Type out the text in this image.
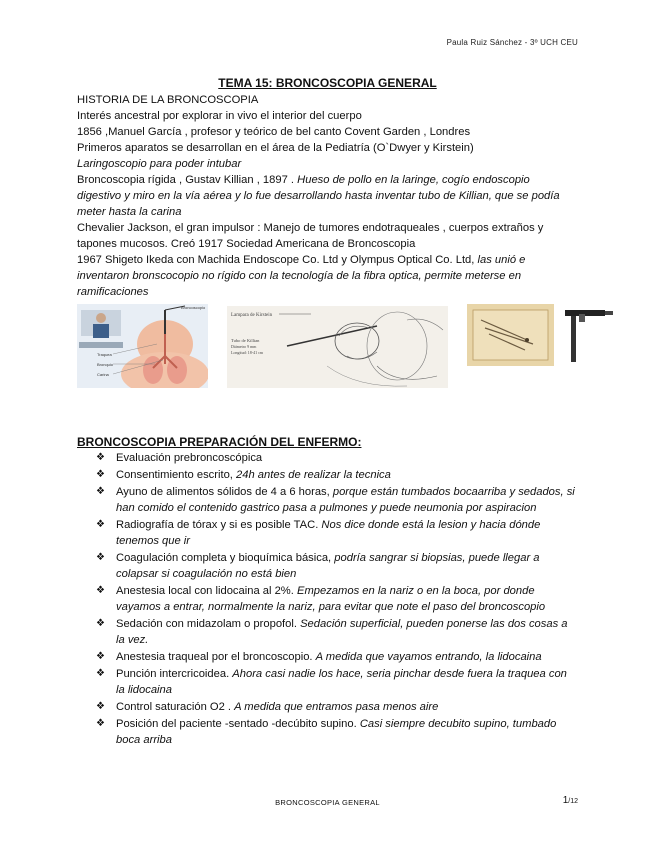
Paula Ruiz Sánchez - 3º UCH CEU
TEMA 15: BRONCOSCOPIA GENERAL

HISTORIA DE LA BRONCOSCOPIA

Interés ancestral por explorar in vivo el interior del cuerpo

1856 ,Manuel García , profesor y teórico de bel canto Covent Garden , Londres

Primeros aparatos se desarrollan en el área de la Pediatría (O`Dwyer y Kirstein)

Laringoscopio para poder intubar

Broncoscopia rígida , Gustav Killian , 1897 . Hueso de pollo en la laringe, cogío endoscopio digestivo y miro en la vía aérea y lo fue desarrollando hasta inventar tubo de Killian, que se podía meter hasta la carina

Chevalier Jackson, el gran impulsor : Manejo de tumores endotraqueales , cuerpos extraños y tapones mucosos. Creó 1917 Sociedad Americana de Broncoscopia

1967 Shigeto Ikeda con Machida Endoscope Co. Ltd y Olympus Optical Co. Ltd, las unió e inventaron bronscocopio no rígido con la tecnología de la fibra optica, permite meterse en ramificaciones

Broncoscopio
Traquea
Bronquio
Carina
Lampara de Kirstein
Tubo de Killian
Diámetro 9 mm
Longitud: 18-41 cm
BRONCOSCOPIA PREPARACIÓN DEL ENFERMO:
❖ Evaluación prebroncoscópica
❖ Consentimiento escrito, 24h antes de realizar la tecnica
❖ Ayuno de alimentos sólidos de 4 a 6 horas, porque están tumbados bocaarriba y sedados, si han comido el contenido gastrico pasa a pulmones y puede neumonia por aspiracion
❖ Radiografía de tórax y si es posible TAC. Nos dice donde está la lesion y hacia dónde tenemos que ir
❖ Coagulación completa y bioquímica básica, podría sangrar si biopsias, puede llegar a colapsar si coagulación no está bien
❖ Anestesia local con lidocaina al 2%. Empezamos en la nariz o en la boca, por donde vayamos a entrar, normalmente la nariz, para evitar que note el paso del broncoscopio
❖ Sedación con midazolam o propofol. Sedación superficial, pueden ponerse las dos cosas a la vez.
❖ Anestesia traqueal por el broncoscopio. A medida que vayamos entrando, la lidocaina
❖ Punción intercricoidea. Ahora casi nadie los hace, seria pinchar desde fuera la traquea con la lidocaina
❖ Control saturación O2 . A medida que entramos pasa menos aire
❖ Posición del paciente -sentado -decúbito supino. Casi siempre decubito supino, tumbado boca arriba
BRONCOSCOPIA GENERAL	1/12
